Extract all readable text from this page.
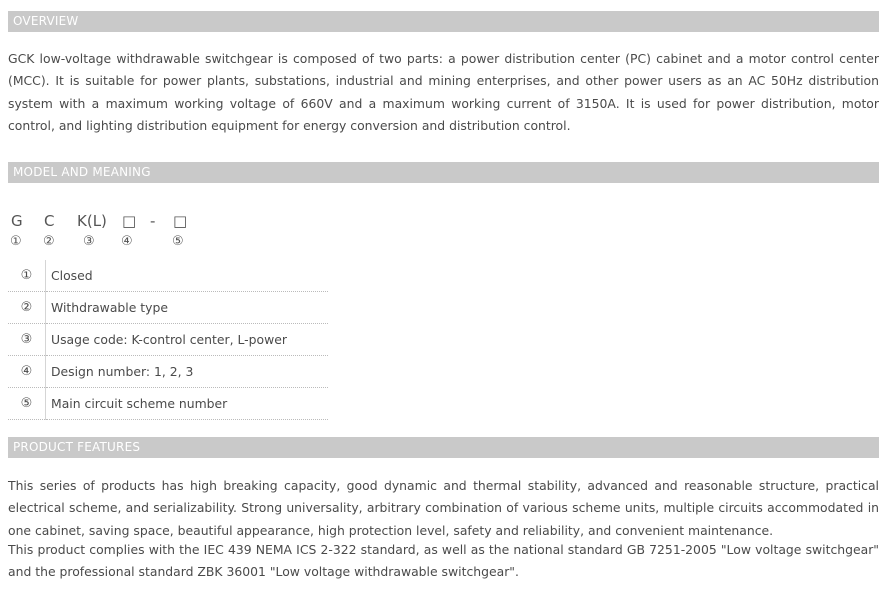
OVERVIEW

GCK low-voltage withdrawable switchgear is composed of two parts: a power distribution center (PC) cabinet and a motor control center (MCC). It is suitable for power plants, substations, industrial and mining enterprises, and other power users as an AC 50Hz distribution system with a maximum working voltage of 660V and a maximum working current of 3150A. It is used for power distribution, motor control, and lighting distribution equipment for energy conversion and distribution control.

MODEL AND MEANING
G C K(L) □ - □
① ② ③ ④	⑤
①	Closed
②	Withdrawable type
③	Usage code: K-control center, L-power
④	Design number: 1, 2, 3
⑤	Main circuit scheme number
PRODUCT FEATURES

This series of products has high breaking capacity, good dynamic and thermal stability, advanced and reasonable structure, practical electrical scheme, and serializability. Strong universality, arbitrary combination of various scheme units, multiple circuits accommodated in one cabinet, saving space, beautiful appearance, high protection level, safety and reliability, and convenient maintenance.

This product complies with the IEC 439 NEMA ICS 2-322 standard, as well as the national standard GB 7251-2005 "Low voltage switchgear" and the professional standard ZBK 36001 "Low voltage withdrawable switchgear".
